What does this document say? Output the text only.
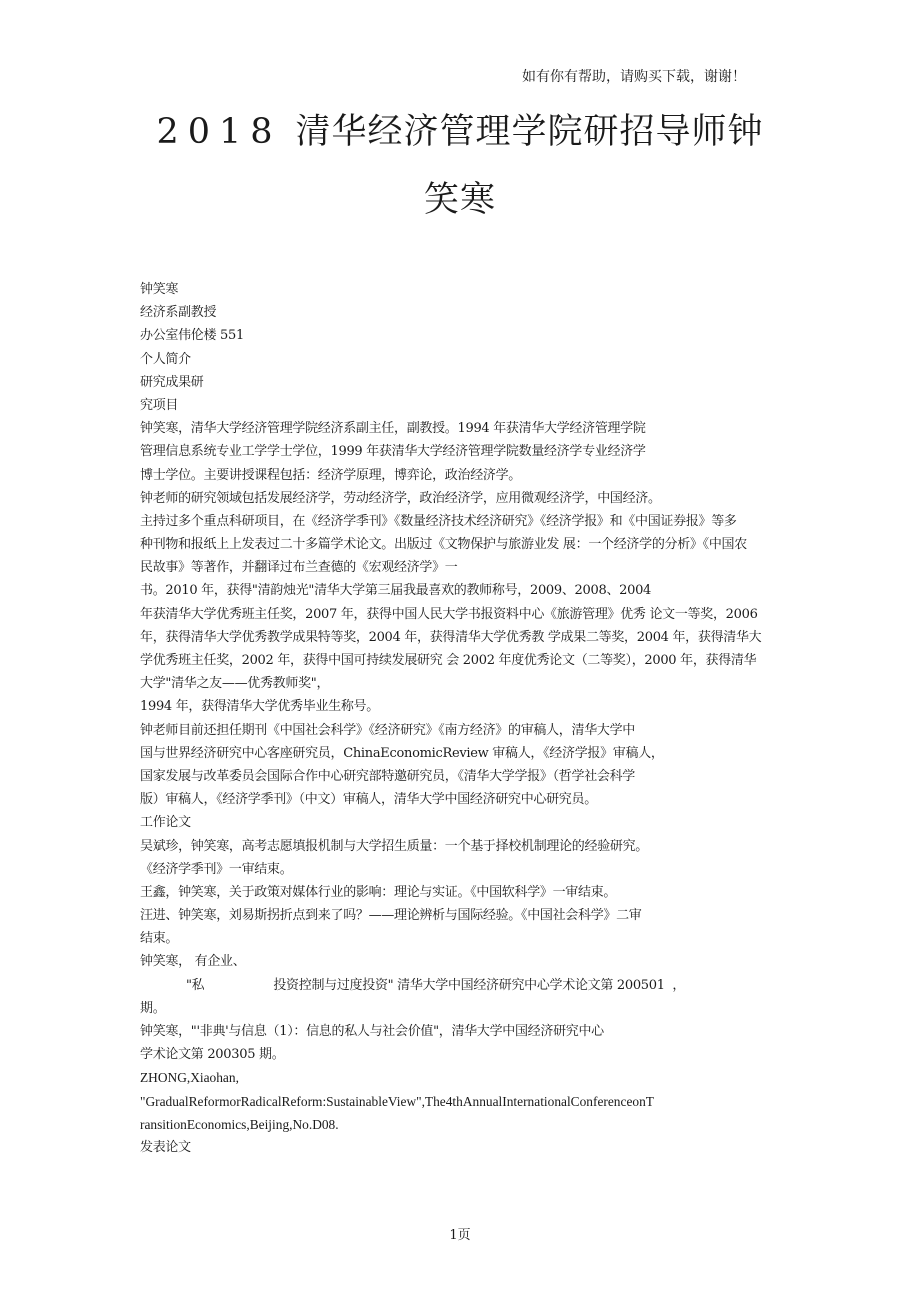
如有你有帮助，请购买下载，谢谢！
2018 清华经济管理学院研招导师钟
笑寒
钟笑寒
经济系副教授
办公室伟伦楼 551
个人简介
研究成果研
究项目
钟笑寒，清华大学经济管理学院经济系副主任，副教授。1994 年获清华大学经济管理学院
管理信息系统专业工学学士学位，1999 年获清华大学经济管理学院数量经济学专业经济学
博士学位。主要讲授课程包括：经济学原理，博弈论，政治经济学。
钟老师的研究领域包括发展经济学，劳动经济学，政治经济学，应用微观经济学，中国经济。
主持过多个重点科研项目，在《经济学季刊》《数量经济技术经济研究》《经济学报》和《中国证券报》等多
种刊物和报纸上上发表过二十多篇学术论文。出版过《文物保护与旅游业发 展：一个经济学的分析》《中国农
民故事》等著作，并翻译过布兰查德的《宏观经济学》一
书。2010 年，获得"清韵烛光"清华大学第三届我最喜欢的教师称号，2009、2008、2004
年获清华大学优秀班主任奖，2007 年，获得中国人民大学书报资料中心《旅游管理》优秀 论文一等奖，2006
年，获得清华大学优秀教学成果特等奖，2004 年，获得清华大学优秀教 学成果二等奖，2004 年，获得清华大
学优秀班主任奖，2002 年，获得中国可持续发展研究 会 2002 年度优秀论文（二等奖），2000 年，获得清华
大学"清华之友——优秀教师奖"，
1994 年，获得清华大学优秀毕业生称号。
钟老师目前还担任期刊《中国社会科学》《经济研究》《南方经济》的审稿人，清华大学中
国与世界经济研究中心客座研究员，ChinaEconomicReview 审稿人，《经济学报》审稿人，
国家发展与改革委员会国际合作中心研究部特邀研究员，《清华大学学报》（哲学社会科学
版）审稿人，《经济学季刊》（中文）审稿人，清华大学中国经济研究中心研究员。
工作论文
吴斌珍，钟笑寒，高考志愿填报机制与大学招生质量：一个基于择校机制理论的经验研究。
《经济学季刊》一审结束。
王鑫，钟笑寒，关于政策对媒体行业的影响：理论与实证。《中国软科学》一审结束。
汪进、钟笑寒，刘易斯拐折点到来了吗？——理论辨析与国际经验。《中国社会科学》二审
结束。
钟笑寒， 有企业、
"私                  投资控制与过度投资" 清华大学中国经济研究中心学术论文第 200501  ，
期。
钟笑寒，"'非典'与信息（1）：信息的私人与社会价值"，清华大学中国经济研究中心
学术论文第 200305 期。
ZHONG,Xiaohan,
"GradualReformorRadicalReform:SustainableView",The4thAnnualInternationalConferenceonT
ransitionEconomics,Beijing,No.D08.
发表论文
1页
